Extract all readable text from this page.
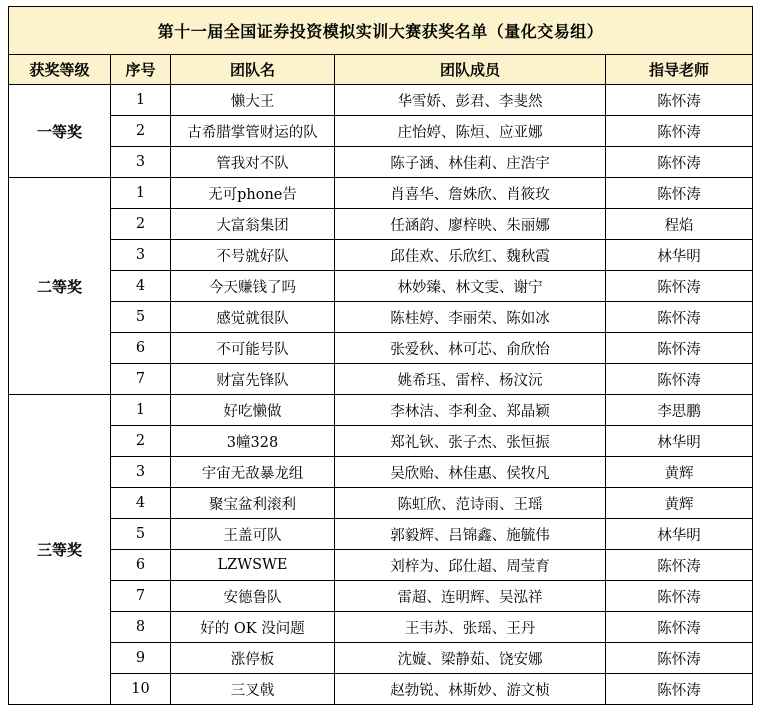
第十一届全国证券投资模拟实训大赛获奖名单（量化交易组）				
获奖等级	序号	团队名	团队成员	指导老师
一等奖	1	懒大王	华雪娇、彭君、李斐然	陈怀涛
	2	古希腊掌管财运的队	庄怡婷、陈烜、应亚娜	陈怀涛
	3	管我对不队	陈子涵、林佳莉、庄浩宇	陈怀涛
二等奖	1	无可phone告	肖喜华、詹姝欣、肖筱玫	陈怀涛
	2	大富翁集团	任涵韵、廖梓映、朱丽娜	程焰
	3	不号就好队	邱佳欢、乐欣红、魏秋霞	林华明
	4	今天赚钱了吗	林妙臻、林文雯、谢宁	陈怀涛
	5	感觉就很队	陈桂婷、李丽荣、陈如冰	陈怀涛
	6	不可能号队	张爱秋、林可芯、俞欣怡	陈怀涛
	7	财富先锋队	姚希珏、雷梓、杨汶沅	陈怀涛
三等奖	1	好吃懒做	李林洁、李利金、郑晶颖	李思鹏
	2	3幢328	郑礼钬、张子杰、张恒振	林华明
	3	宇宙无敌暴龙组	吴欣贻、林佳惠、侯牧凡	黄辉
	4	聚宝盆利滚利	陈虹欣、范诗雨、王瑶	黄辉
	5	王盖可队	郭毅辉、吕锦鑫、施毓伟	林华明
	6	LZWSWE	刘梓为、邱仕超、周莹育	陈怀涛
	7	安德鲁队	雷超、连明辉、吴泓祥	陈怀涛
	8	好的 OK 没问题	王韦苏、张瑶、王丹	陈怀涛
	9	涨停板	沈嫙、梁静茹、饶安娜	陈怀涛
	10	三叉戟	赵勃锐、林斯妙、游文桢	陈怀涛
